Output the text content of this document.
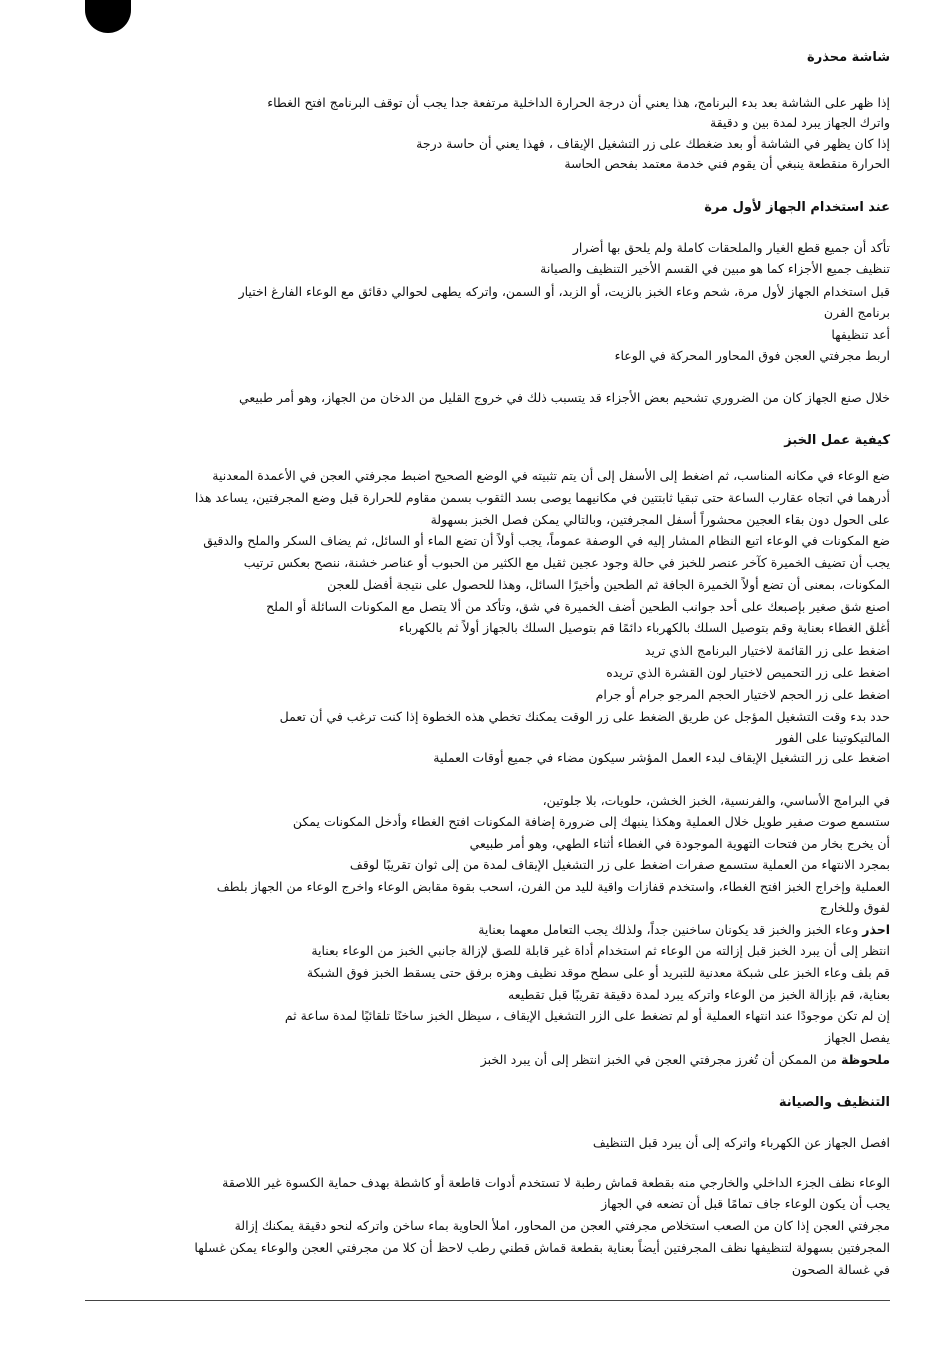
شاشة محذرة
إذا ظهر على الشاشة بعد بدء البرنامج، هذا يعني أن درجة الحرارة الداخلية مرتفعة جدا يجب أن توقف البرنامج افتح الغطاء
واترك الجهاز يبرد لمدة بين و دقيقة
إذا كان يظهر في الشاشة أو بعد ضغطك على زر التشغيل الإيقاف ، فهذا يعني أن حاسة درجة
الحرارة منقطعة ينبغي أن يقوم فني خدمة معتمد بفحص الحاسة
عند استخدام الجهاز لأول مرة
تأكد أن جميع قطع الغيار والملحقات كاملة ولم يلحق بها أضرار
تنظيف جميع الأجزاء كما هو مبين في القسم الأخير التنظيف والصيانة
قبل استخدام الجهاز لأول مرة، شحم وعاء الخبز بالزيت، أو الزبد، أو السمن، واتركه يطهى لحوالي دقائق مع الوعاء الفارغ اختيار
برنامج الفرن
أعد تنظيفها
اربط مجرفتي العجن فوق المحاور المحركة في الوعاء
خلال صنع الجهاز كان من الضروري تشحيم بعض الأجزاء قد يتسبب ذلك في خروج القليل من الدخان من الجهاز، وهو أمر طبيعي
كيفية عمل الخبز
ضع الوعاء في مكانه المناسب، ثم اضغط إلى الأسفل إلى أن يتم تثبيته في الوضع الصحيح اضبط مجرفتي العجن في الأعمدة المعدنية
أدرهما في اتجاه عقارب الساعة حتى تبقيا ثابتتين في مكانيهما يوصى بسد الثقوب بسمن مقاوم للحرارة قبل وضع المجرفتين، يساعد هذا
على الحول دون بقاء العجين محشوراً أسفل المجرفتين، وبالتالي يمكن فصل الخبز بسهولة
ضع المكونات في الوعاء اتبع النظام المشار إليه في الوصفة عموماً، يجب أولاً أن تضع الماء أو السائل، ثم يضاف السكر والملح والدقيق
يجب أن تضيف الخميرة كآخر عنصر للخبز في حالة وجود عجين ثقيل مع الكثير من الحبوب أو عناصر خشنة، ننصح بعكس ترتيب
المكونات، بمعنى أن تضع أولاً الخميرة الجافة ثم الطحين وأخيرًا السائل، وهذا للحصول على نتيجة أفضل للعجن
اصنع شق صغير بإصبعك على أحد جوانب الطحين أضف الخميرة في شق، وتأكد من ألا يتصل مع المكونات السائلة أو الملح
أغلق الغطاء بعناية وقم بتوصيل السلك بالكهرباء دائمًا قم بتوصيل السلك بالجهاز أولاً ثم بالكهرباء
اضغط على زر القائمة لاختيار البرنامج الذي تريد
اضغط على زر التحميص لاختيار لون القشرة الذي تريده
اضغط على زر الحجم لاختيار الحجم المرجو جرام أو جرام
حدد بدء وقت التشغيل المؤجل عن طريق الضغط على زر الوقت يمكنك تخطي هذه الخطوة إذا كنت ترغب في أن تعمل
المالتيكوتينا على الفور
اضغط على زر التشغيل الإيقاف لبدء العمل المؤشر سيكون مضاء في جميع أوقات العملية
في البرامج الأساسي، والفرنسية، الخبز الخشن، حلويات، بلا جلوتين،
ستسمع صوت صفير طويل خلال العملية وهكذا ينبهك إلى ضرورة إضافة المكونات افتح الغطاء وأدخل المكونات يمكن
أن يخرج بخار من فتحات التهوية الموجودة في الغطاء أثناء الطهي، وهو أمر طبيعي
بمجرد الانتهاء من العملية ستسمع صفرات اضغط على زر التشغيل الإيقاف لمدة من إلى ثوان تقريبًا لوقف
العملية وإخراج الخبز افتح الغطاء، واستخدم قفازات واقية لليد من الفرن، اسحب بقوة مقابض الوعاء واخرج الوعاء من الجهاز بلطف
لفوق وللخارج
احذر وعاء الخبز والخبز قد يكونان ساخنين جداً، ولذلك يجب التعامل معهما بعناية
انتظر إلى أن يبرد الخبز قبل إزالته من الوعاء ثم استخدام أداة غير قابلة للصق لإزالة جانبي الخبز من الوعاء بعناية
قم بلف وعاء الخبز على شبكة معدنية للتبريد أو على سطح موقد نظيف وهزه برفق حتى يسقط الخبز فوق الشبكة
بعناية، قم بإزالة الخبز من الوعاء واتركه يبرد لمدة دقيقة تقريبًا قبل تقطيعه
إن لم تكن موجودًا عند انتهاء العملية أو لم تضغط على الزر التشغيل الإيقاف ، سيظل الخبز ساخنًا تلقائيًا لمدة ساعة ثم
يفصل الجهاز
ملحوظة من الممكن أن تُغرز مجرفتي العجن في الخبز انتظر إلى أن يبرد الخبز
التنظيف والصيانة
افصل الجهاز عن الكهرباء واتركه إلى أن يبرد قبل التنظيف
الوعاء نظف الجزء الداخلي والخارجي منه بقطعة قماش رطبة لا تستخدم أدوات قاطعة أو كاشطة بهدف حماية الكسوة غير اللاصقة
يجب أن يكون الوعاء جاف تمامًا قبل أن تضعه في الجهاز
مجرفتي العجن إذا كان من الصعب استخلاص مجرفتي العجن من المحاور، املأ الحاوية بماء ساخن واتركه لنحو دقيقة يمكنك إزالة
المجرفتين بسهولة لتنظيفها نظف المجرفتين أيضاً بعناية بقطعة قماش قطني رطب لاحظ أن كلا من مجرفتي العجن والوعاء يمكن غسلها
في غسالة الصحون
